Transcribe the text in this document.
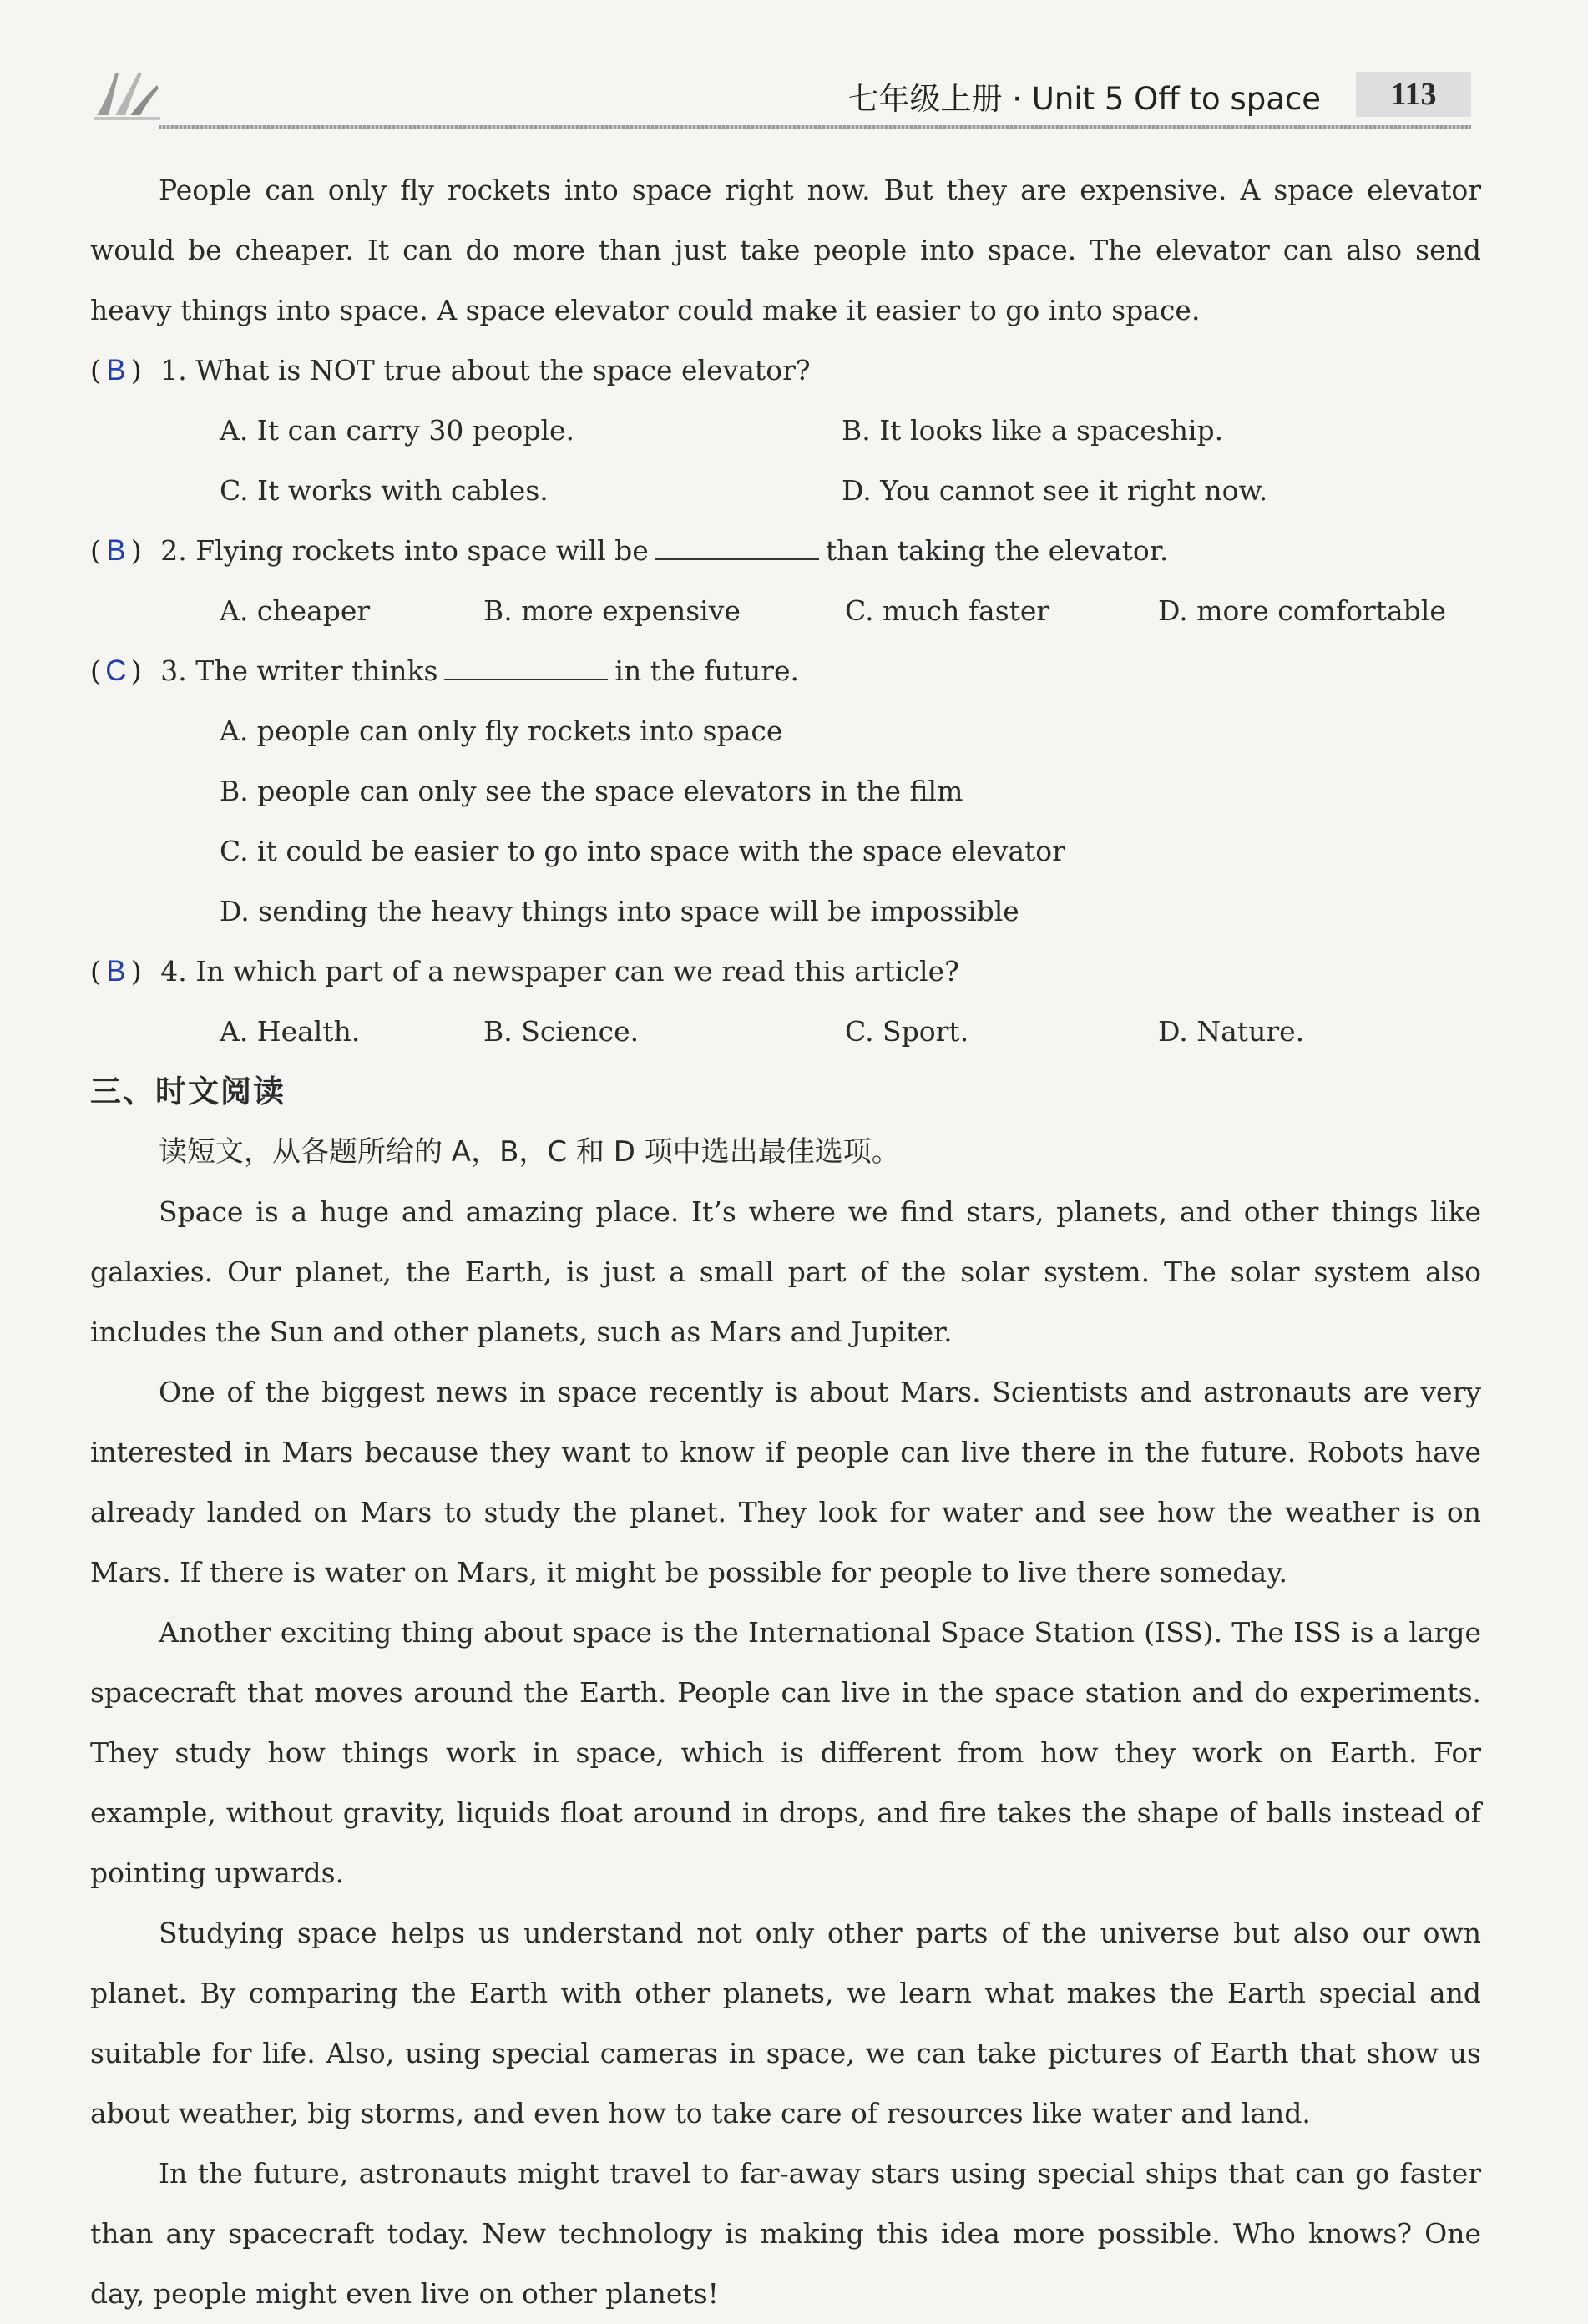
七年级上册 · Unit 5 Off to space	113

People can only fly rockets into space right now. But they are expensive. A space elevator would be cheaper. It can do more than just take people into space. The elevator can also send heavy things into space. A space elevator could make it easier to go into space.

( B ) 1. What is NOT true about the space elevator?

A. It can carry 30 people.	B. It looks like a spaceship.
C. It works with cables.	D. You cannot see it right now.

( B ) 2. Flying rockets into space will be	than taking the elevator.

A. cheaper	B. more expensive	C. much faster	D. more comfortable

( C ) 3. The writer thinks	in the future.

A. people can only fly rockets into space

B. people can only see the space elevators in the film

C. it could be easier to go into space with the space elevator

D. sending the heavy things into space will be impossible

( B ) 4. In which part of a newspaper can we read this article?

A. Health.	B. Science.	C. Sport.	D. Nature.

三、时文阅读

读短文，从各题所给的 A，B，C 和 D 项中选出最佳选项。

Space is a huge and amazing place. It’s where we find stars, planets, and other things like galaxies. Our planet, the Earth, is just a small part of the solar system. The solar system also includes the Sun and other planets, such as Mars and Jupiter.

One of the biggest news in space recently is about Mars. Scientists and astronauts are very interested in Mars because they want to know if people can live there in the future. Robots have already landed on Mars to study the planet. They look for water and see how the weather is on Mars. If there is water on Mars, it might be possible for people to live there someday.

Another exciting thing about space is the International Space Station (ISS). The ISS is a large spacecraft that moves around the Earth. People can live in the space station and do experiments. They study how things work in space, which is different from how they work on Earth. For example, without gravity, liquids float around in drops, and fire takes the shape of balls instead of pointing upwards.

Studying space helps us understand not only other parts of the universe but also our own planet. By comparing the Earth with other planets, we learn what makes the Earth special and suitable for life. Also, using special cameras in space, we can take pictures of Earth that show us about weather, big storms, and even how to take care of resources like water and land.

In the future, astronauts might travel to far-away stars using special ships that can go faster than any spacecraft today. New technology is making this idea more possible. Who knows? One day, people might even live on other planets!
